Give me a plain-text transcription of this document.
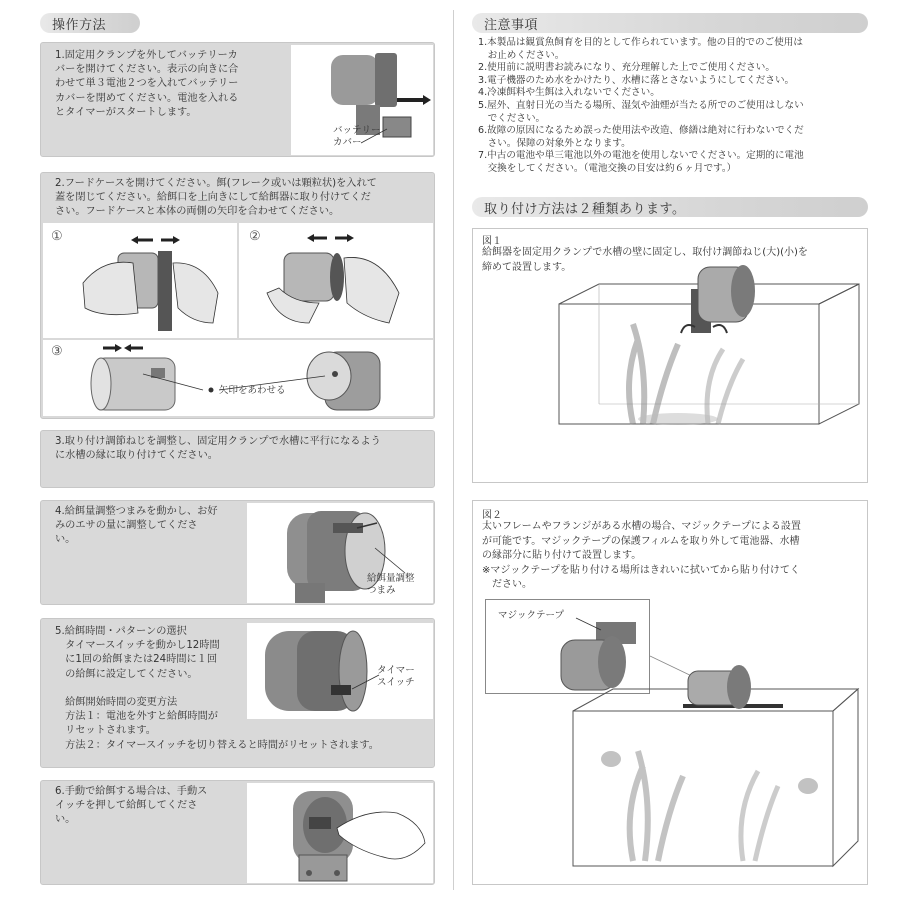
操作方法
1.固定用クランプを外してバッテリーカ
バーを開けてください。表示の向きに合
わせて単３電池２つを入れてバッテリー
カバーを閉めてください。電池を入れる
とタイマーがスタートします。
バッテリー
カバー
2.フードケースを開けてください。餌(フレーク或いは顆粒状)を入れて
蓋を閉じてください。給餌口を上向きにして給餌器に取り付けてくだ
さい。フードケースと本体の両側の矢印を合わせてください。
①	②
③
矢印をあわせる
3.取り付け調節ねじを調整し、固定用クランプで水槽に平行になるよう
に水槽の縁に取り付けてください。
4.給餌量調整つまみを動かし、お好
みのエサの量に調整してくださ
い。
給餌量調整
つまみ
5.給餌時間・パターンの選択
　タイマースイッチを動かし12時間
　に1回の給餌または24時間に１回
　の給餌に設定してください。

　給餌開始時間の変更方法
　方法１：電池を外すと給餌時間が
　リセットされます。
　方法２：タイマースイッチを切り替えると時間がリセットされます。
タイマー
スイッチ
6.手動で給餌する場合は、手動ス
イッチを押して給餌してくださ
い。
注意事項
1.本製品は観賞魚飼育を目的として作られています。他の目的でのご使用は
　お止めください。
2.使用前に説明書お読みになり、充分理解した上でご使用ください。
3.電子機器のため水をかけたり、水槽に落とさないようにしてください。
4.冷凍餌料や生餌は入れないでください。
5.屋外、直射日光の当たる場所、湿気や油煙が当たる所でのご使用はしない
　でください。
6.故障の原因になるため誤った使用法や改造、修繕は絶対に行わないでくだ
　さい。保障の対象外となります。
7.中古の電池や単三電池以外の電池を使用しないでください。定期的に電池
　交換をしてください。（電池交換の目安は約６ヶ月です。）
取り付け方法は２種類あります。
図１
給餌器を固定用クランプで水槽の壁に固定し、取付け調節ねじ(大)(小)を
締めて設置します。
図２
太いフレームやフランジがある水槽の場合、マジックテープによる設置
が可能です。マジックテープの保護フィルムを取り外して電池器、水槽
の縁部分に貼り付けて設置します。
※マジックテープを貼り付ける場所はきれいに拭いてから貼り付けてく
　ださい。
マジックテープ
